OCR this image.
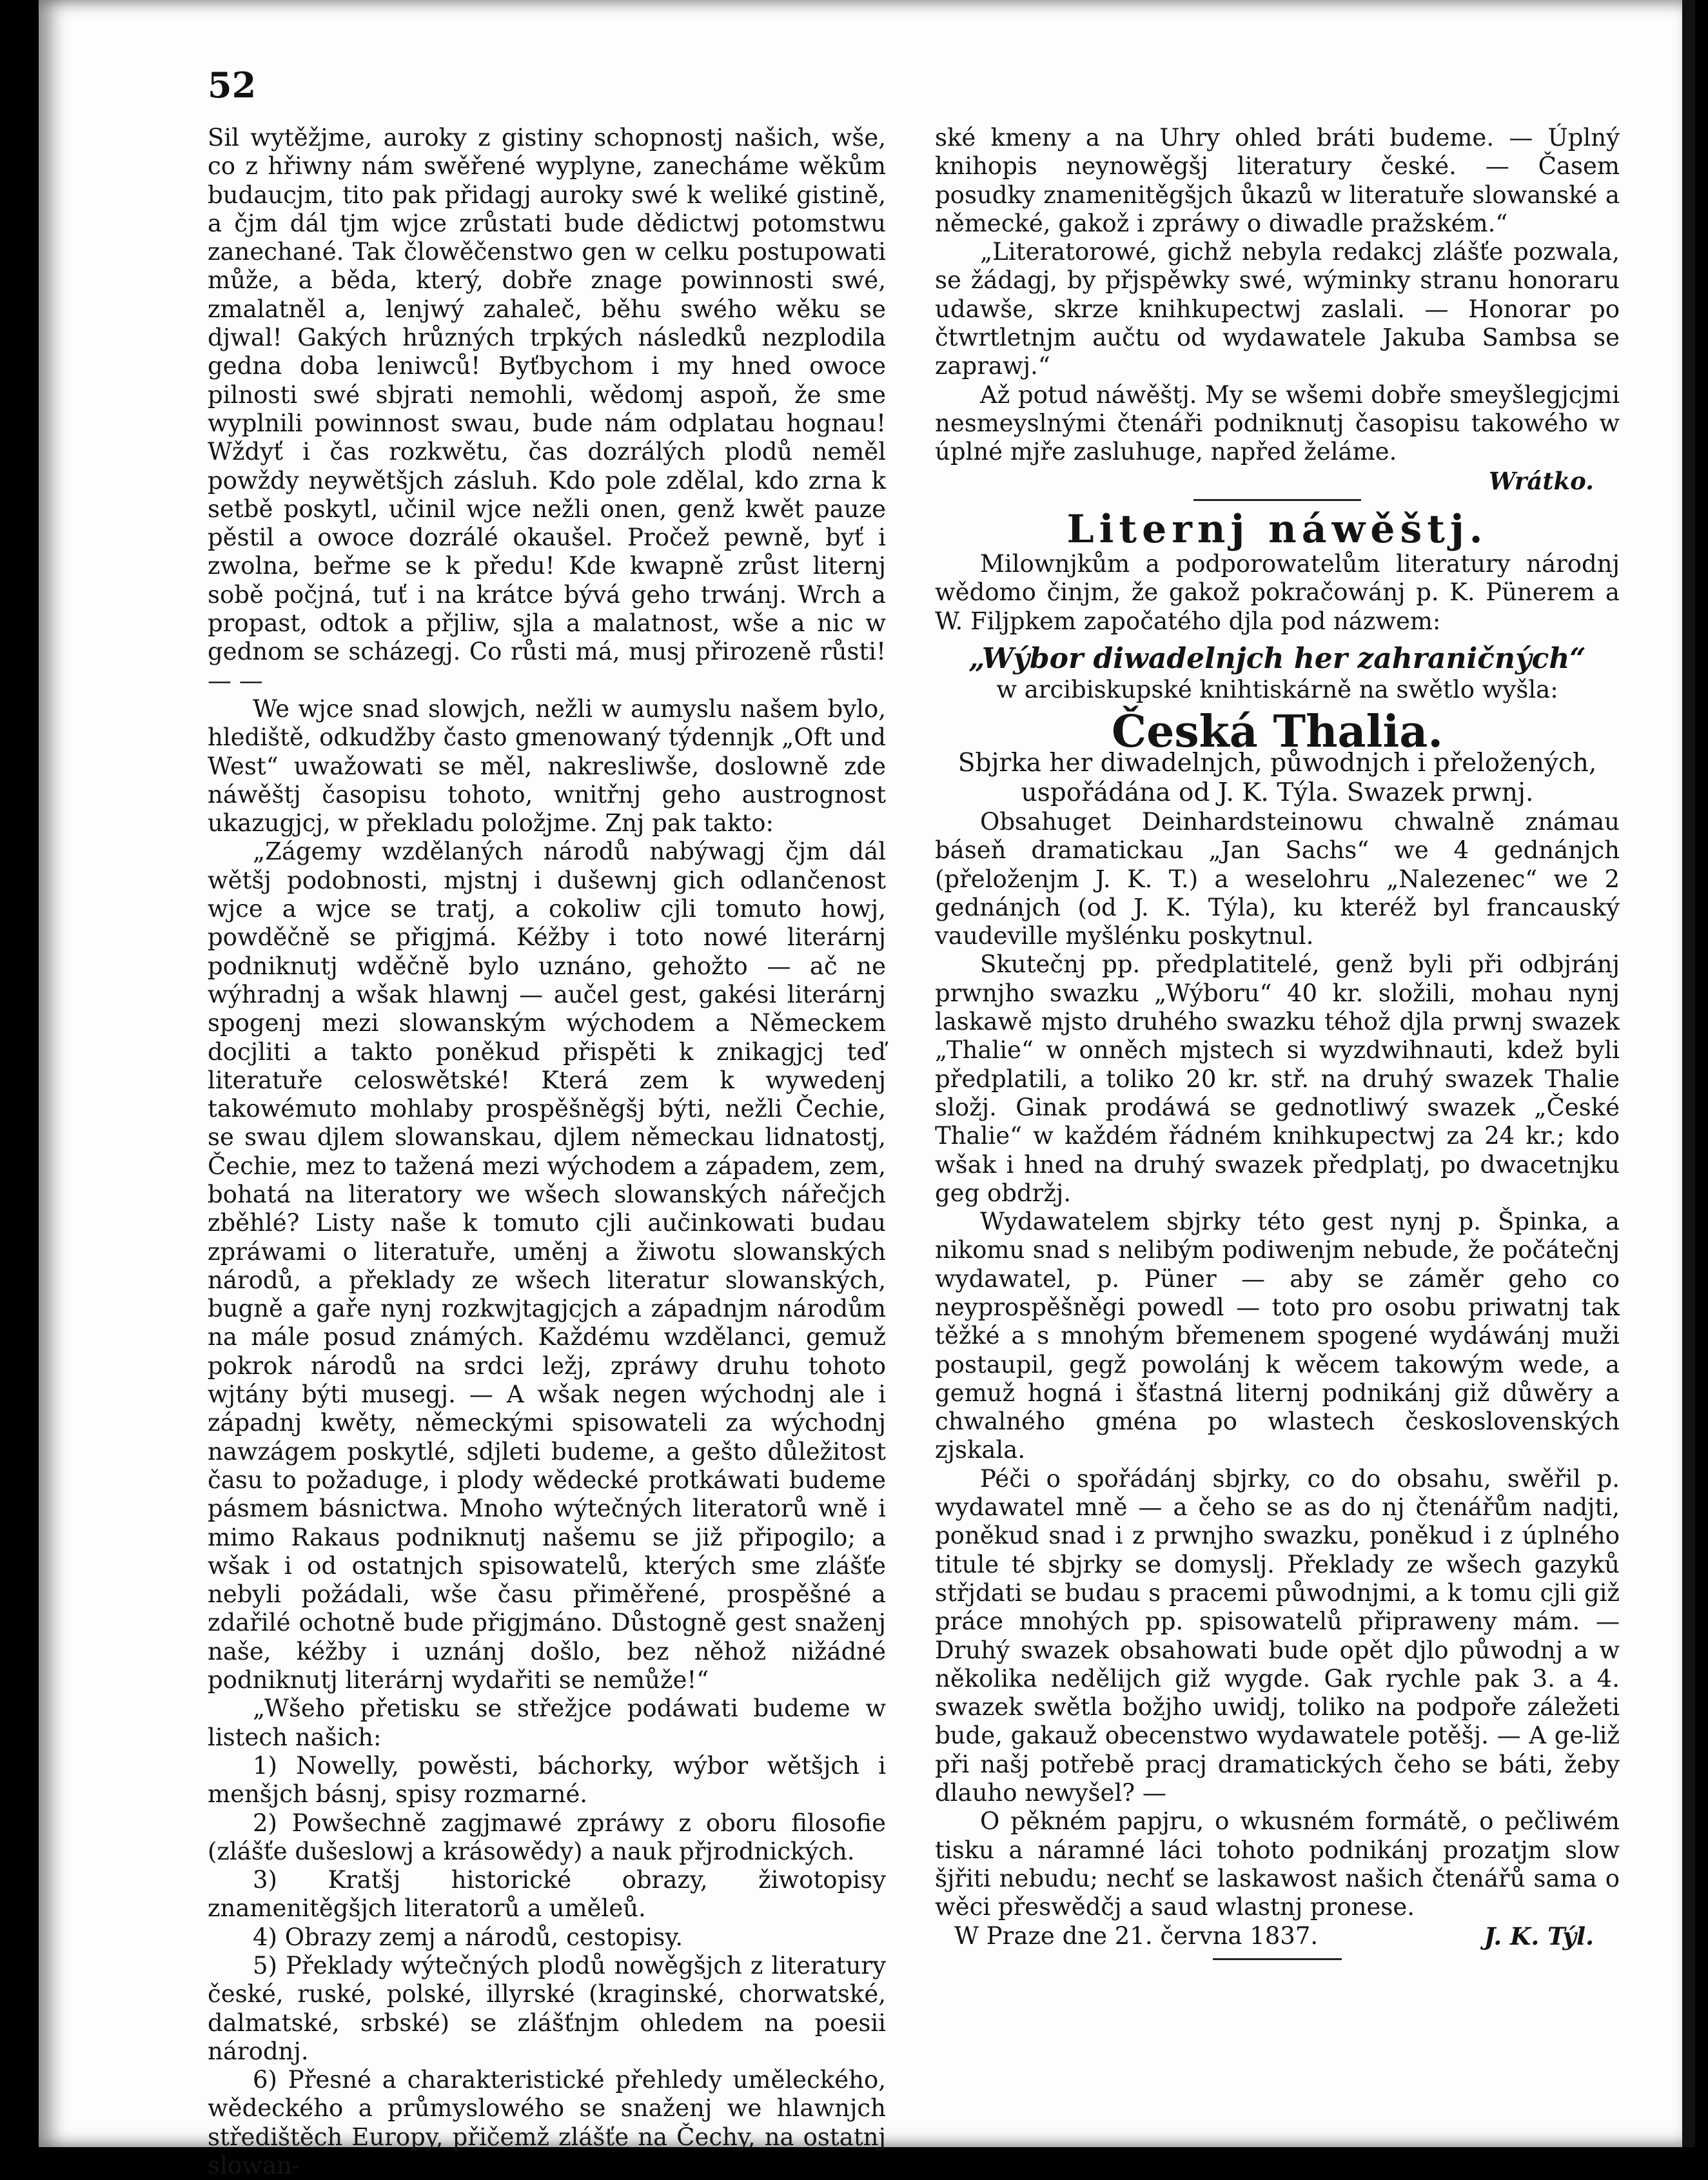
52

Sil wytěžjme, auroky z gistiny schopnostj našich, wše, co z hřiwny nám swěřené wyplyne, zanecháme wěkům budaucjm, tito pak přidagj auroky swé k weliké gistině, a čjm dál tjm wjce zrůstati bude dědictwj potomstwu zanechané. Tak člowěčenstwo gen w celku postupowati může, a běda, který, dobře znage powinnosti swé, zmalatněl a, lenjwý zahaleč, běhu swého wěku se djwal! Gakých hrůzných trpkých následků nezplodila gedna doba leniwců! Byťbychom i my hned owoce pilnosti swé sbjrati nemohli, wědomj aspoň, že sme wyplnili powinnost swau, bude nám odplatau hognau! Wždyť i čas rozkwětu, čas dozrálých plodů neměl powždy neywětšjch zásluh. Kdo pole zdělal, kdo zrna k setbě poskytl, učinil wjce nežli onen, genž kwět pauze pěstil a owoce dozrálé okaušel. Pročež pewně, byť i zwolna, beřme se k předu! Kde kwapně zrůst liternj sobě počjná, tuť i na krátce bývá geho trwánj. Wrch a propast, odtok a přjliw, sjla a malatnost, wše a nic w gednom se scházegj. Co růsti má, musj přirozeně růsti! — —

We wjce snad slowjch, nežli w aumyslu našem bylo, hlediště, odkudžby často gmenowaný týdennjk „Oft und West“ uwažowati se měl, nakresliwše, doslowně zde náwěštj časopisu tohoto, wnitřnj geho austrognost ukazugjcj, w překladu položjme. Znj pak takto:

„Zágemy wzdělaných národů nabýwagj čjm dál wětšj podobnosti, mjstnj i dušewnj gich odlančenost wjce a wjce se tratj, a cokoliw cjli tomuto howj, powděčně se přigjmá. Kéžby i toto nowé literárnj podniknutj wděčně bylo uznáno, gehožto — ač ne wýhradnj a wšak hlawnj — aučel gest, gakési literárnj spogenj mezi slowanským wýchodem a Německem docjliti a takto poněkud přispěti k znikagjcj teď literatuře celoswětské! Která zem k wywedenj takowémuto mohlaby prospěšněgšj býti, nežli Čechie, se swau djlem slowanskau, djlem německau lidnatostj, Čechie, mez to tažená mezi wýchodem a západem, zem, bohatá na literatory we wšech slowanských nářečjch zběhlé? Listy naše k tomuto cjli aučinkowati budau zpráwami o literatuře, uměnj a žiwotu slowanských národů, a překlady ze wšech literatur slowanských, bugně a gaře nynj rozkwjtagjcjch a západnjm národům na mále posud známých. Každému wzdělanci, gemuž pokrok národů na srdci ležj, zpráwy druhu tohoto wjtány býti musegj. — A wšak negen wýchodnj ale i západnj kwěty, německými spisowateli za wýchodnj nawzágem poskytlé, sdjleti budeme, a gešto důležitost času to požaduge, i plody wědecké protkáwati budeme pásmem básnictwa. Mnoho wýtečných literatorů wně i mimo Rakaus podniknutj našemu se již připogilo; a wšak i od ostatnjch spisowatelů, kterých sme zlášťe nebyli požádali, wše času přiměřené, prospěšné a zdařilé ochotně bude přigjmáno. Důstogně gest snaženj naše, kéžby i uznánj došlo, bez něhož nižádné podniknutj literárnj wydařiti se nemůže!“

„Wšeho přetisku se střežjce podáwati budeme w listech našich:

1) Nowelly, powěsti, báchorky, wýbor wětšjch i menšjch básnj, spisy rozmarné.

2) Powšechně zagjmawé zpráwy z oboru filosofie (zlášťe dušeslowj a krásowědy) a nauk přjrodnických.

3) Kratšj historické obrazy, žiwotopisy znamenitěgšjch literatorů a uměleů.

4) Obrazy zemj a národů, cestopisy.

5) Překlady wýtečných plodů nowěgšjch z literatury české, ruské, polské, illyrské (kraginské, chorwatské, dalmatské, srbské) se zlášťnjm ohledem na poesii národnj.

6) Přesné a charakteristické přehledy uměleckého, wědeckého a průmyslowého se snaženj we hlawnjch středištěch Europy, přičemž zlášťe na Čechy, na ostatnj slowan-

ské kmeny a na Uhry ohled bráti budeme. — Úplný knihopis neynowěgšj literatury české. — Časem posudky znamenitěgšjch ůkazů w literatuře slowanské a německé, gakož i zpráwy o diwadle pražském.“

„Literatorowé, gichž nebyla redakcj zlášťe pozwala, se žádagj, by přjspěwky swé, wýminky stranu honoraru udawše, skrze knihkupectwj zaslali. — Honorar po čtwrtletnjm aučtu od wydawatele Jakuba Sambsa se zaprawj.“

Až potud náwěštj. My se wšemi dobře smeyšlegjcjmi nesmeyslnými čtenáři podniknutj časopisu takowého w úplné mjře zasluhuge, napřed želáme.

Wrátko.
Liternj náwěštj.

Milownjkům a podporowatelům literatury národnj wědomo činjm, že gakož pokračowánj p. K. Pünerem a W. Filjpkem započatého djla pod názwem:

„Wýbor diwadelnjch her zahraničných“
w arcibiskupské knihtiskárně na swětlo wyšla:
Česká Thalia.
Sbjrka her diwadelnjch, půwodnjch i přeložených, uspořádána od J. K. Týla. Swazek prwnj.

Obsahuget Deinhardsteinowu chwalně známau báseň dramatickau „Jan Sachs“ we 4 gednánjch (přeloženjm J. K. T.) a weselohru „Nalezenec“ we 2 gednánjch (od J. K. Týla), ku kteréž byl francauský vaudeville myšlénku poskytnul.

Skutečnj pp. předplatitelé, genž byli při odbjránj prwnjho swazku „Wýboru“ 40 kr. složili, mohau nynj laskawě mjsto druhého swazku téhož djla prwnj swazek „Thalie“ w onněch mjstech si wyzdwihnauti, kdež byli předplatili, a toliko 20 kr. stř. na druhý swazek Thalie složj. Ginak prodáwá se gednotliwý swazek „České Thalie“ w každém řádném knihkupectwj za 24 kr.; kdo wšak i hned na druhý swazek předplatj, po dwacetnjku geg obdržj.

Wydawatelem sbjrky této gest nynj p. Špinka, a nikomu snad s nelibým podiwenjm nebude, že počátečnj wydawatel, p. Püner — aby se záměr geho co neyprospěšněgi powedl — toto pro osobu priwatnj tak těžké a s mnohým břemenem spogené wydáwánj muži postaupil, gegž powolánj k wěcem takowým wede, a gemuž hogná i šťastná liternj podnikánj giž důwěry a chwalného gména po wlastech československých zjskala.

Péči o spořádánj sbjrky, co do obsahu, swěřil p. wydawatel mně — a čeho se as do nj čtenářům nadjti, poněkud snad i z prwnjho swazku, poněkud i z úplného titule té sbjrky se domyslj. Překlady ze wšech gazyků střjdati se budau s pracemi půwodnjmi, a k tomu cjli giž práce mnohých pp. spisowatelů připraweny mám. — Druhý swazek obsahowati bude opět djlo půwodnj a w několika nedělijch giž wygde. Gak rychle pak 3. a 4. swazek swětla božjho uwidj, toliko na podpoře záležeti bude, gakauž obecenstwo wydawatele potěšj. — A ge-liž při našj potřebě pracj dramatických čeho se báti, žeby dlauho newyšel? —

O pěkném papjru, o wkusném formátě, o pečliwém tisku a náramné láci tohoto podnikánj prozatjm slow šjřiti nebudu; nechť se laskawost našich čtenářů sama o wěci přeswědčj a saud wlastnj pronese.

W Praze dne 21. června 1837.	J. K. Týl.
